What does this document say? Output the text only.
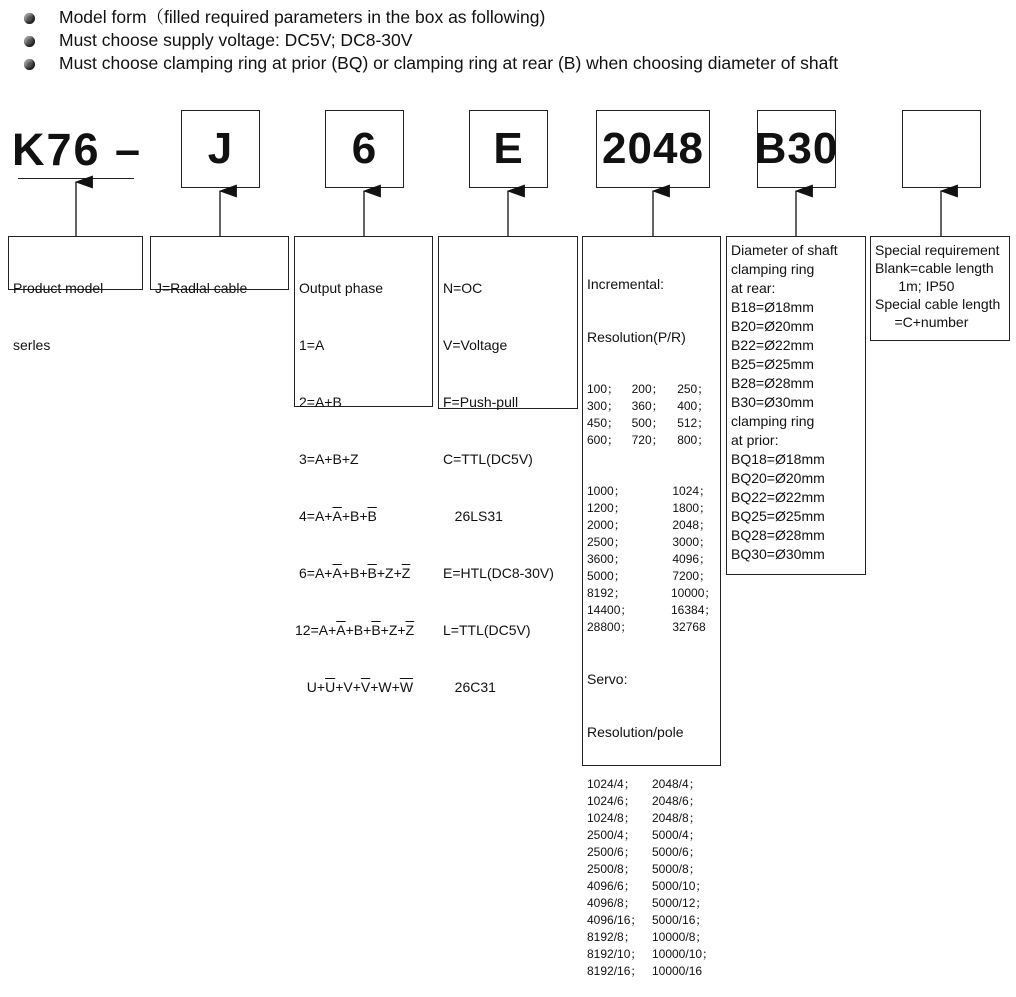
Model form（filled required parameters in the box as following)
Must choose supply voltage: DC5V; DC8-30V
Must choose clamping ring at prior (BQ) or clamping ring at rear (B) when choosing diameter of shaft
K76 –	J	6	E	2048 B30

Product model

serles

J=Radlal cable

	Output phase

1=A

2=A+B

3=A+B+Z

$4=A+\overline{A}+B+\overline{B}$

$6=A+\overline{A}+B+\overline{B}+Z+\overline{Z}$

$12=A+\overline{A}+B+\overline{B}+Z+\overline{Z}$

$U+\overline{U}+V+\overline{V}+W+\overline{W}$

N=OC

V=Voltage

F=Push-pull

C=TTL(DC5V)

26LS31

E=HTL(DC8-30V)

L=TTL(DC5V)

26C31

Incremental:

Resolution(P/R)

100；	200；	250；
300；	360；	400；
450；	500；	512；
600；	720；	800；

1000；	1024；
1200；	1800；
2000；	2048；
2500；	3000；
3600；	4096；
5000；	7200；
8192；	10000；
14400；	16384；
28800；	32768

Servo:

Resolution/pole

1024/4；	2048/4；
1024/6；	2048/6；
1024/8；	2048/8；
2500/4；	5000/4；
2500/6；	5000/6；
2500/8；	5000/8；
4096/6；	5000/10；
4096/8；	5000/12；
4096/16； 5000/16；
8192/8；	10000/8；
8192/10； 10000/10；
8192/16； 10000/16

Diameter of shaft
clamping ring
at rear:
B18=Ø18mm
B20=Ø20mm
B22=Ø22mm
B25=Ø25mm
B28=Ø28mm
B30=Ø30mm
clamping ring
at prior:
BQ18=Ø18mm
BQ20=Ø20mm
BQ22=Ø22mm
BQ25=Ø25mm
BQ28=Ø28mm
BQ30=Ø30mm
Special requirement
Blank=cable length
1m; IP50
Special cable length
=C+number
